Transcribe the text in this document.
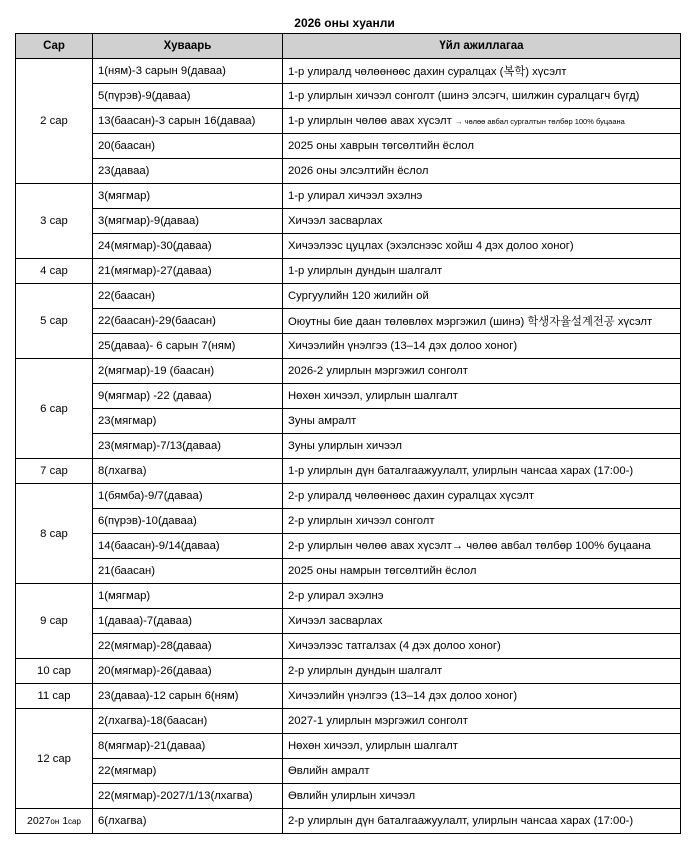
2026 оны хуанли
Сар	Хуваарь	Үйл ажиллагаа
2 сар	1(ням)-3 сарын 9(даваа)	1-р улиралд чөлөөнөөс дахин суралцах (복학) хүсэлт
	5(пүрэв)-9(даваа)	1-р улирлын хичээл сонголт (шинэ элсэгч, шилжин суралцагч бүгд)
	13(баасан)-3 сарын 16(даваа)	1-р улирлын чөлөө авах хүсэлт → чөлөө авбал сургалтын төлбөр 100% буцаана
	20(баасан)	2025 оны хаврын төгсөлтийн ёслол
	23(даваа)	2026 оны элсэлтийн ёслол
3 сар	3(мягмар)	1-р улирал хичээл эхэлнэ
	3(мягмар)-9(даваа)	Хичээл засварлах
	24(мягмар)-30(даваа)	Хичээлээс цуцлах (эхэлснээс хойш 4 дэх долоо хоног)
4 сар	21(мягмар)-27(даваа)	1-р улирлын дундын шалгалт
5 сар	22(баасан)	Сургуулийн 120 жилийн ой
	22(баасан)-29(баасан)	Оюутны бие даан төлөвлөх мэргэжил (шинэ) 학생자율설계전공 хүсэлт
	25(даваа)- 6 сарын 7(ням)	Хичээлийн үнэлгээ (13–14 дэх долоо хоног)
6 сар	2(мягмар)-19 (баасан)	2026-2 улирлын мэргэжил сонголт
	9(мягмар) -22 (даваа)	Нөхөн хичээл, улирлын шалгалт
	23(мягмар)	Зуны амралт
	23(мягмар)-7/13(даваа)	Зуны улирлын хичээл
7 сар	8(лхагва)	1-р улирлын дүн баталгаажуулалт, улирлын чансаа харах (17:00-)
8 сар	1(бямба)-9/7(даваа)	2-р улиралд чөлөөнөөс дахин суралцах хүсэлт
	6(пүрэв)-10(даваа)	2-р улирлын хичээл сонголт
	14(баасан)-9/14(даваа)	2-р улирлын чөлөө авах хүсэлт→ чөлөө авбал төлбөр 100% буцаана
	21(баасан)	2025 оны намрын төгсөлтийн ёслол
9 сар	1(мягмар)	2-р улирал эхэлнэ
	1(даваа)-7(даваа)	Хичээл засварлах
	22(мягмар)-28(даваа)	Хичээлээс татгалзах (4 дэх долоо хоног)
10 сар	20(мягмар)-26(даваа)	2-р улирлын дундын шалгалт
11 сар	23(даваа)-12 сарын 6(ням)	Хичээлийн үнэлгээ (13–14 дэх долоо хоног)
12 сар	2(лхагва)-18(баасан)	2027-1 улирлын мэргэжил сонголт
	8(мягмар)-21(даваа)	Нөхөн хичээл, улирлын шалгалт
	22(мягмар)	Өвлийн амралт
	22(мягмар)-2027/1/13(лхагва)	Өвлийн улирлын хичээл
2027он 1сар	6(лхагва)	2-р улирлын дүн баталгаажуулалт, улирлын чансаа харах (17:00-)
